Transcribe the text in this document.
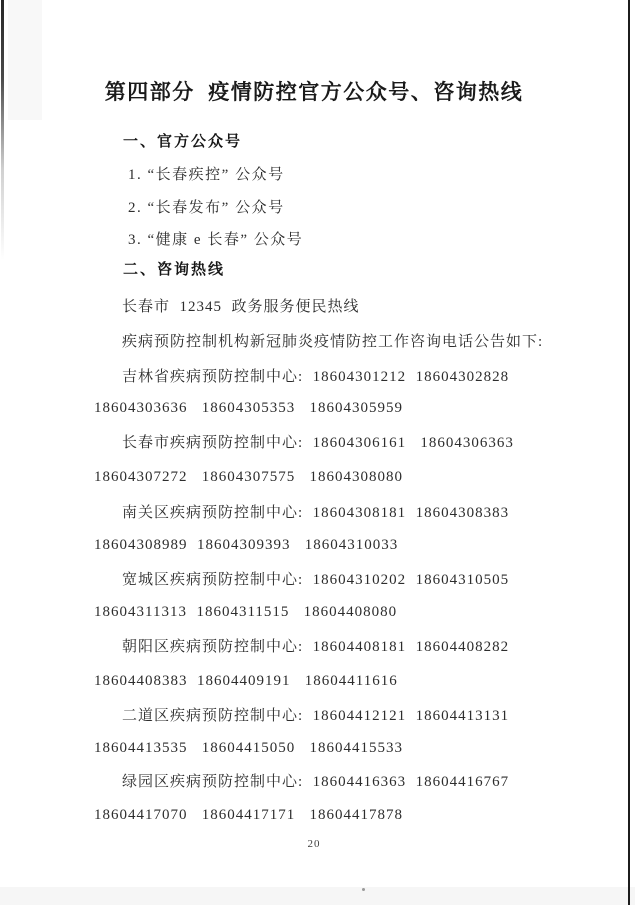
第四部分  疫情防控官方公众号、咨询热线
一、官方公众号
1. “长春疾控” 公众号
2. “长春发布” 公众号
3. “健康 e 长春” 公众号
二、咨询热线
长春市  12345  政务服务便民热线
疾病预防控制机构新冠肺炎疫情防控工作咨询电话公告如下:
吉林省疾病预防控制中心:  18604301212  18604302828
18604303636   18604305353   18604305959
长春市疾病预防控制中心:  18604306161   18604306363
18604307272   18604307575   18604308080
南关区疾病预防控制中心:  18604308181  18604308383
18604308989  18604309393   18604310033
宽城区疾病预防控制中心:  18604310202  18604310505
18604311313  18604311515   18604408080
朝阳区疾病预防控制中心:  18604408181  18604408282
18604408383  18604409191   18604411616
二道区疾病预防控制中心:  18604412121  18604413131
18604413535   18604415050   18604415533
绿园区疾病预防控制中心:  18604416363  18604416767
18604417070   18604417171   18604417878
20
